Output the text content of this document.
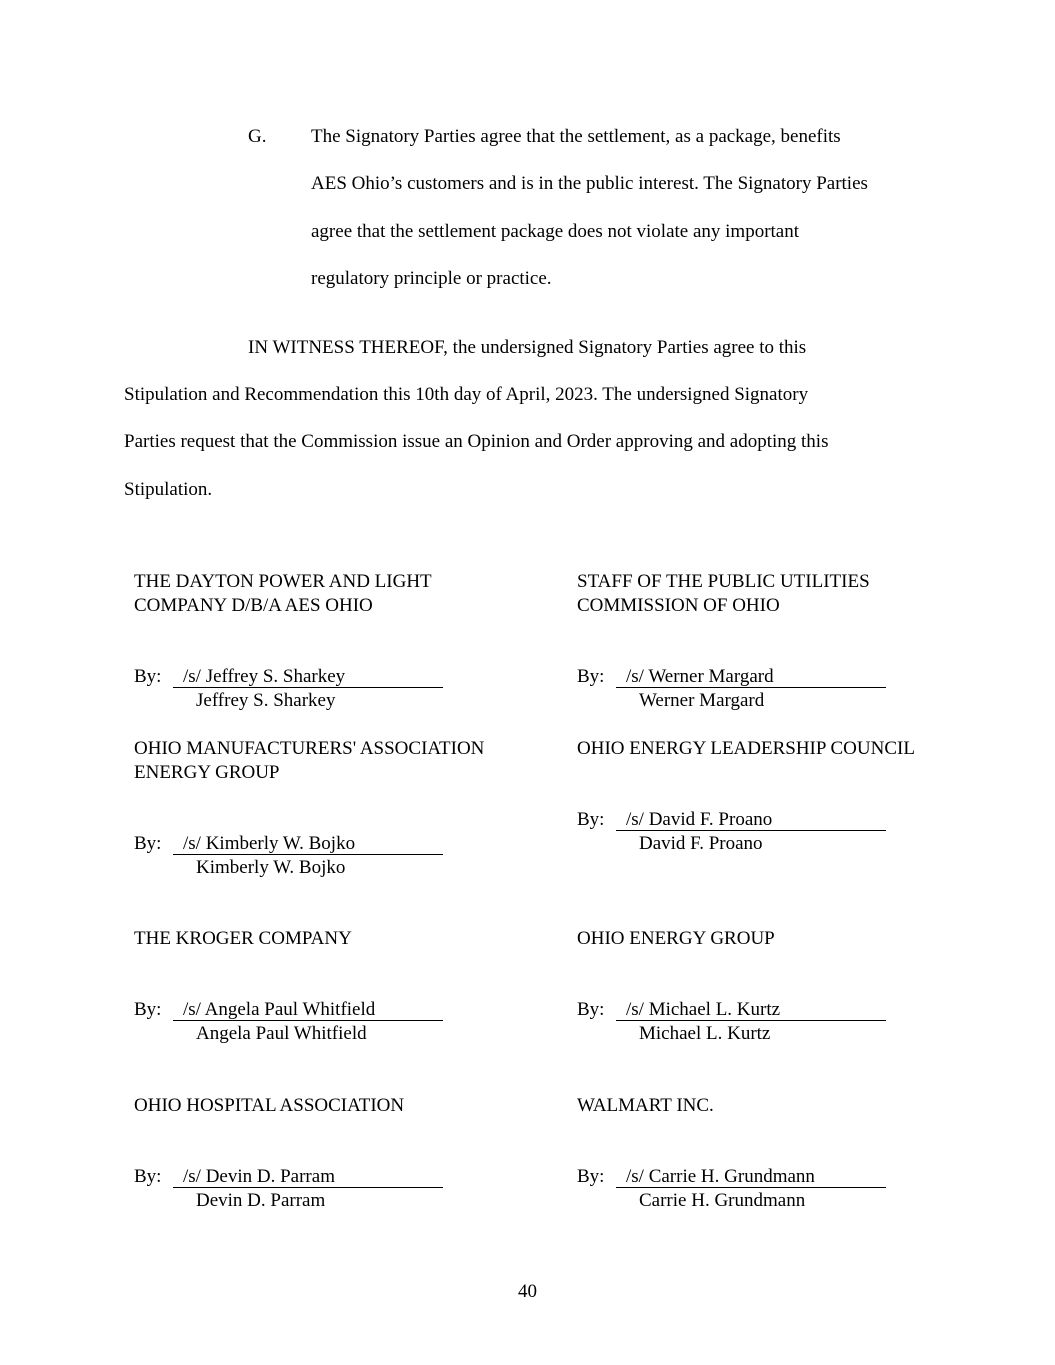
G. The Signatory Parties agree that the settlement, as a package, benefits
AES Ohio’s customers and is in the public interest. The Signatory Parties
agree that the settlement package does not violate any important
regulatory principle or practice.
IN WITNESS THEREOF, the undersigned Signatory Parties agree to this
Stipulation and Recommendation this 10th day of April, 2023. The undersigned Signatory
Parties request that the Commission issue an Opinion and Order approving and adopting this
Stipulation.
THE DAYTON POWER AND LIGHT
COMPANY D/B/A AES OHIO
By: /s/ Jeffrey S. Sharkey
Jeffrey S. Sharkey
STAFF OF THE PUBLIC UTILITIES
COMMISSION OF OHIO
By: /s/ Werner Margard
Werner Margard
OHIO MANUFACTURERS' ASSOCIATION
ENERGY GROUP
By: /s/ Kimberly W. Bojko
Kimberly W. Bojko
OHIO ENERGY LEADERSHIP COUNCIL
By: /s/ David F. Proano
David F. Proano
THE KROGER COMPANY
By: /s/ Angela Paul Whitfield
Angela Paul Whitfield
OHIO ENERGY GROUP
By: /s/ Michael L. Kurtz
Michael L. Kurtz
OHIO HOSPITAL ASSOCIATION
By: /s/ Devin D. Parram
Devin D. Parram
WALMART INC.
By: /s/ Carrie H. Grundmann
Carrie H. Grundmann
40
